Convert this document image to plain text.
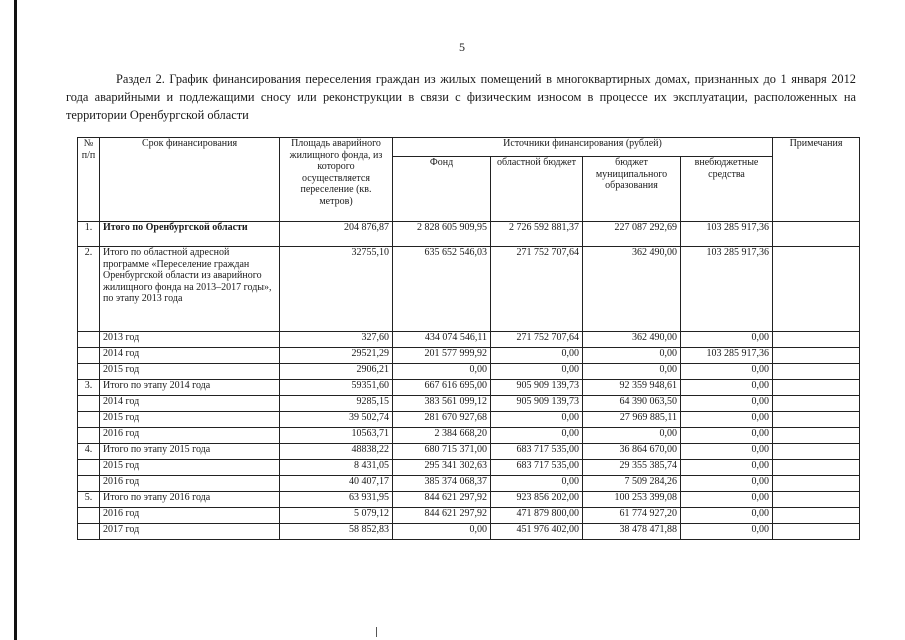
5
Раздел 2. График финансирования переселения граждан из жилых помещений в многоквартирных домах, признанных до 1 января 2012 года аварийными и подлежащими сносу или реконструкции в связи с физическим износом в процессе их эксплуатации, расположенных на территории Оренбургской области
№ п/п	Срок финансирования	Площадь аварийного жилищного фонда, из которого осуществляется переселение (кв. метров)	Источники финансирования (рублей)				Примечания
			Фонд	областной бюджет	бюджет муниципального образования	внебюджетные средства	
1.	Итого по Оренбургской области	204 876,87	2 828 605 909,95	2 726 592 881,37	227 087 292,69	103 285 917,36	
2.	Итого по областной адресной программе «Переселение граждан Оренбургской области из аварийного жилищного фонда на 2013–2017 годы», по этапу 2013 года	32755,10	635 652 546,03	271 752 707,64	362 490,00	103 285 917,36	
	2013 год	327,60	434 074 546,11	271 752 707,64	362 490,00	0,00	
	2014 год	29521,29	201 577 999,92	0,00	0,00	103 285 917,36	
	2015 год	2906,21	0,00	0,00	0,00	0,00	
3.	Итого по этапу 2014 года	59351,60	667 616 695,00	905 909 139,73	92 359 948,61	0,00	
	2014 год	9285,15	383 561 099,12	905 909 139,73	64 390 063,50	0,00	
	2015 год	39 502,74	281 670 927,68	0,00	27 969 885,11	0,00	
	2016 год	10563,71	2 384 668,20	0,00	0,00	0,00	
4.	Итого по этапу 2015 года	48838,22	680 715 371,00	683 717 535,00	36 864 670,00	0,00	
	2015 год	8 431,05	295 341 302,63	683 717 535,00	29 355 385,74	0,00	
	2016 год	40 407,17	385 374 068,37	0,00	7 509 284,26	0,00	
5.	Итого по этапу 2016 года	63 931,95	844 621 297,92	923 856 202,00	100 253 399,08	0,00	
	2016 год	5 079,12	844 621 297,92	471 879 800,00	61 774 927,20	0,00	
	2017 год	58 852,83	0,00	451 976 402,00	38 478 471,88	0,00	
